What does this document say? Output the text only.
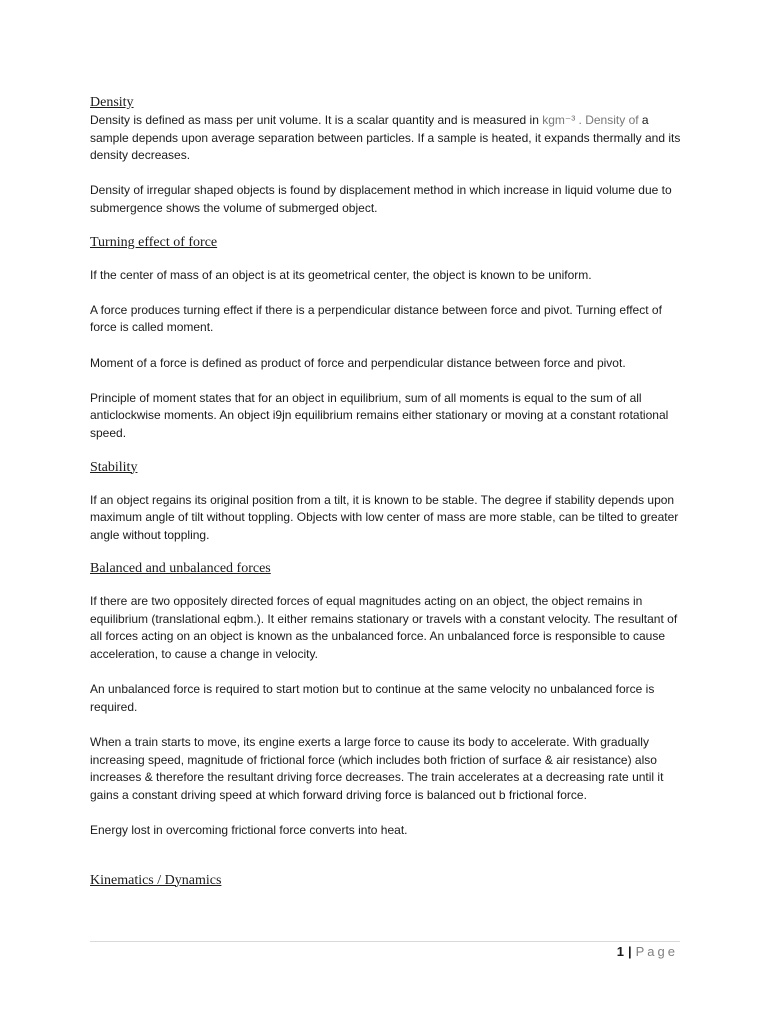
Density

Density is defined as mass per unit volume. It is a scalar quantity and is measured in kgm⁻³ . Density of a sample depends upon average separation between particles. If a sample is heated, it expands thermally and its density decreases.

Density of irregular shaped objects is found by displacement method in which increase in liquid volume due to submergence shows the volume of submerged object.

Turning effect of force

If the center of mass of an object is at its geometrical center, the object is known to be uniform.

A force produces turning effect if there is a perpendicular distance between force and pivot. Turning effect of force is called moment.

Moment of a force is defined as product of force and perpendicular distance between force and pivot.

Principle of moment states that for an object in equilibrium, sum of all moments is equal to the sum of all anticlockwise moments. An object i9jn equilibrium remains either stationary or moving at a constant rotational speed.

Stability

If an object regains its original position from a tilt, it is known to be stable. The degree if stability depends upon maximum angle of tilt without toppling. Objects with low center of mass are more stable, can be tilted to greater angle without toppling.

Balanced and unbalanced forces

If there are two oppositely directed forces of equal magnitudes acting on an object, the object remains in equilibrium (translational eqbm.). It either remains stationary or travels with a constant velocity. The resultant of all forces acting on an object is known as the unbalanced force. An unbalanced force is responsible to cause acceleration, to cause a change in velocity.

An unbalanced force is required to start motion but to continue at the same velocity no unbalanced force is required.

When a train starts to move, its engine exerts a large force to cause its body to accelerate. With gradually increasing speed, magnitude of frictional force (which includes both friction of surface & air resistance) also increases & therefore the resultant driving force decreases. The train accelerates at a decreasing rate until it gains a constant driving speed at which forward driving force is balanced out b frictional force.

Energy lost in overcoming frictional force converts into heat.

Kinematics / Dynamics
1 | Page
